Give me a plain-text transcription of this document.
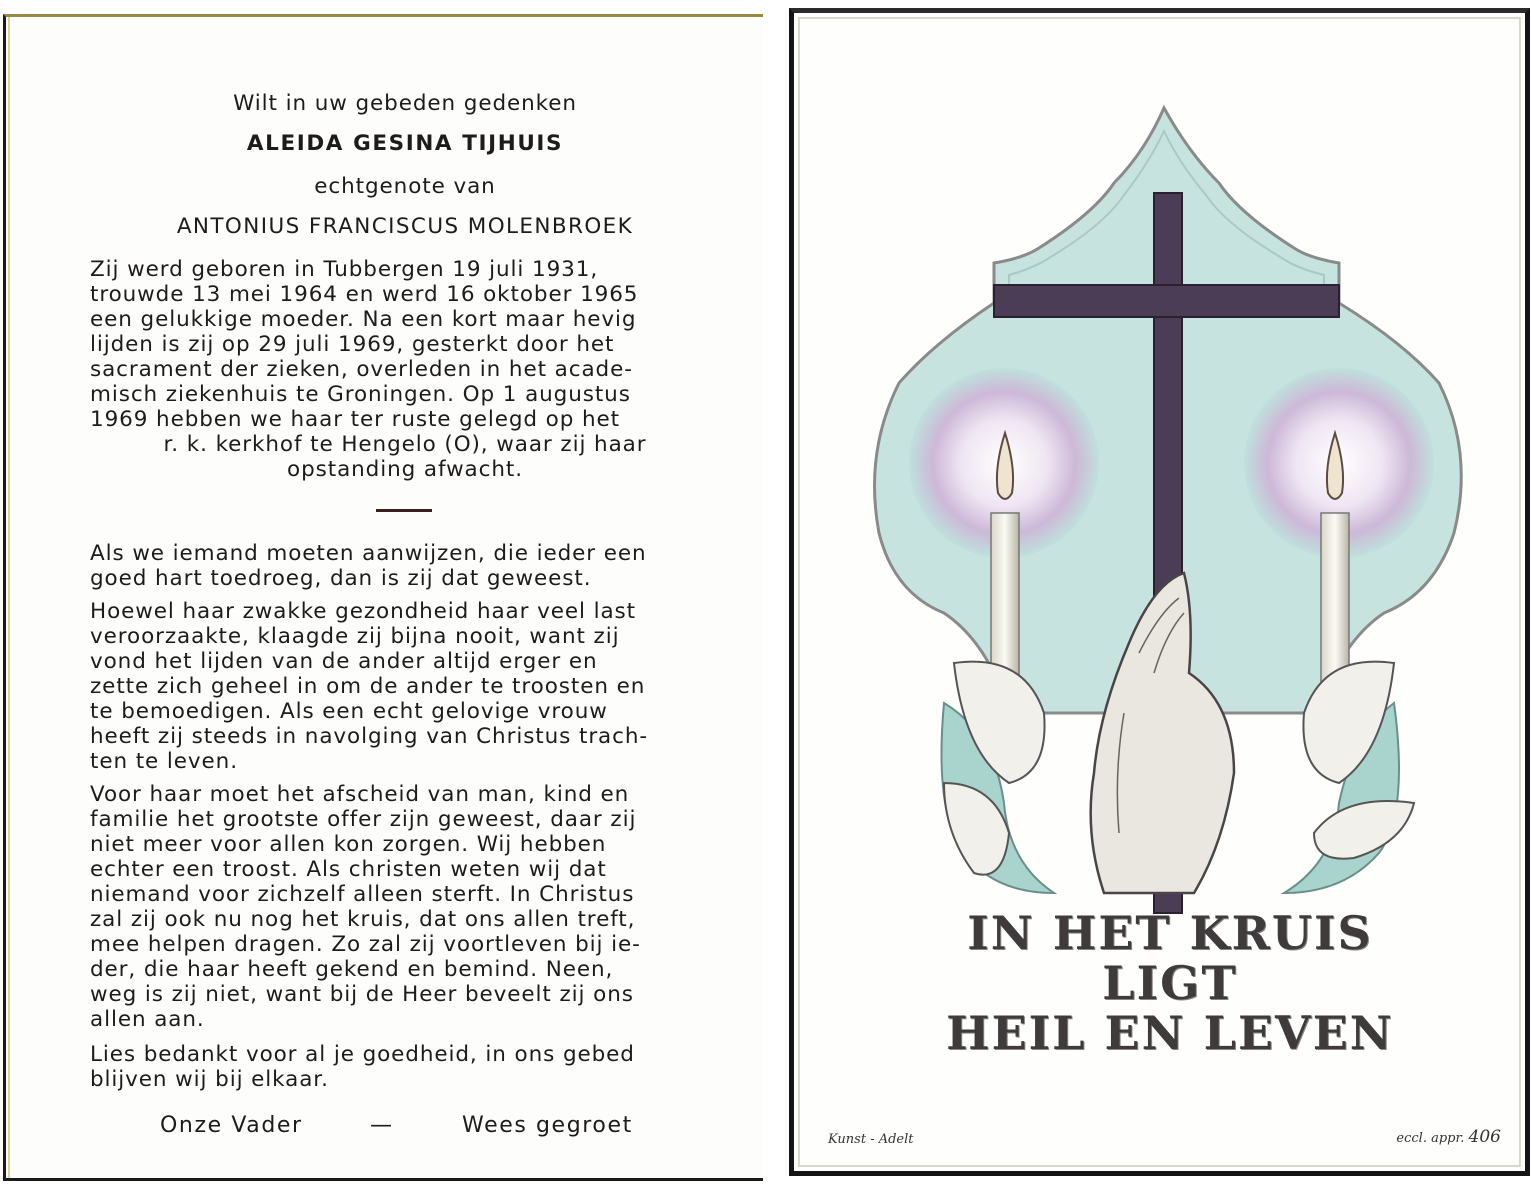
Wilt in uw gebeden gedenken
ALEIDA GESINA TIJHUIS
echtgenote van
ANTONIUS FRANCISCUS MOLENBROEK
Zij werd geboren in Tubbergen 19 juli 1931,
trouwde 13 mei 1964 en werd 16 oktober 1965
een gelukkige moeder. Na een kort maar hevig
lijden is zij op 29 juli 1969, gesterkt door het
sacrament der zieken, overleden in het acade-
misch ziekenhuis te Groningen. Op 1 augustus
1969 hebben we haar ter ruste gelegd op het
r. k. kerkhof te Hengelo (O), waar zij haar
opstanding afwacht.
Als we iemand moeten aanwijzen, die ieder een
goed hart toedroeg, dan is zij dat geweest.
Hoewel haar zwakke gezondheid haar veel last
veroorzaakte, klaagde zij bijna nooit, want zij
vond het lijden van de ander altijd erger en
zette zich geheel in om de ander te troosten en
te bemoedigen. Als een echt gelovige vrouw
heeft zij steeds in navolging van Christus trach-
ten te leven.
Voor haar moet het afscheid van man, kind en
familie het grootste offer zijn geweest, daar zij
niet meer voor allen kon zorgen. Wij hebben
echter een troost. Als christen weten wij dat
niemand voor zichzelf alleen sterft. In Christus
zal zij ook nu nog het kruis, dat ons allen treft,
mee helpen dragen. Zo zal zij voortleven bij ie-
der, die haar heeft gekend en bemind. Neen,
weg is zij niet, want bij de Heer beveelt zij ons
allen aan.
Lies bedankt voor al je goedheid, in ons gebed
blijven wij bij elkaar.
Onze Vader	—	Wees gegroet
IN HET KRUIS
LIGT
HEIL EN LEVEN
Kunst - Adelt	eccl. appr. 406
